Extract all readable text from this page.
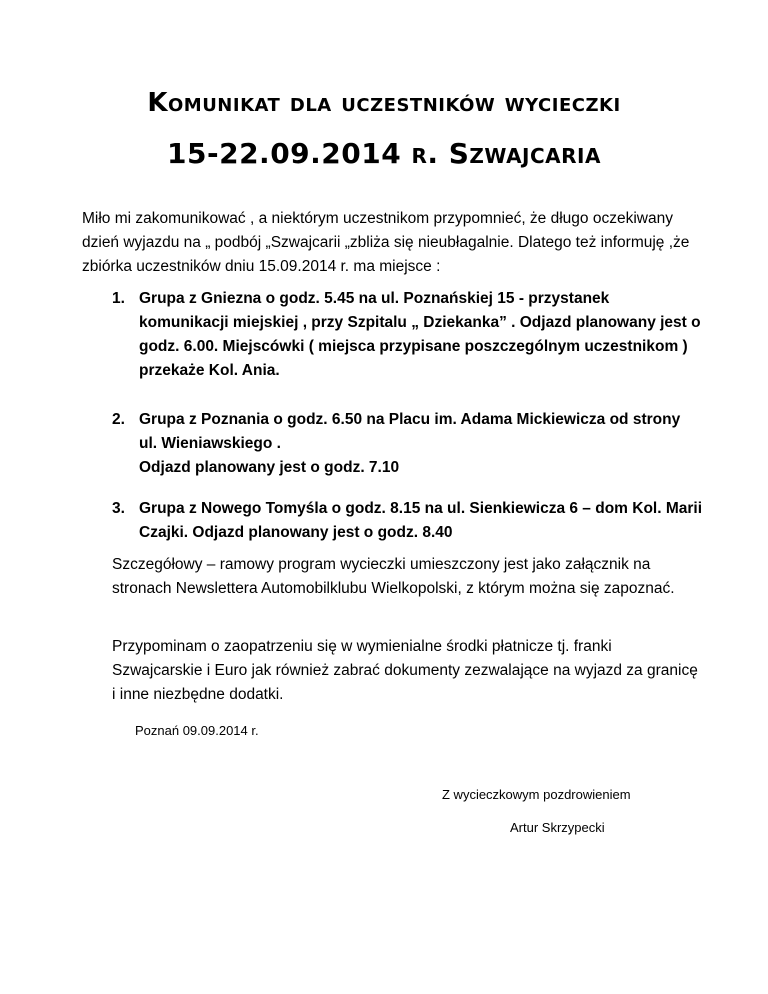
Komunikat dla uczestników wycieczki
15-22.09.2014 r. Szwajcaria

Miło mi zakomunikować , a niektórym uczestnikom przypomnieć, że długo oczekiwany dzień wyjazdu na „ podbój „Szwajcarii „zbliża się nieubłagalnie. Dlatego też informuję ,że zbiórka uczestników dniu 15.09.2014 r. ma miejsce :

1. Grupa z Gniezna o godz. 5.45 na ul. Poznańskiej 15 - przystanek komunikacji miejskiej , przy Szpitalu „ Dziekanka” . Odjazd planowany jest o godz. 6.00. Miejscówki ( miejsca przypisane poszczególnym uczestnikom ) przekaże Kol. Ania.
2. Grupa z Poznania o godz. 6.50 na Placu im. Adama Mickiewicza od strony ul. Wieniawskiego .
Odjazd planowany jest o godz. 7.10
3. Grupa z Nowego Tomyśla o godz. 8.15 na ul. Sienkiewicza 6 – dom Kol. Marii Czajki. Odjazd planowany jest o godz. 8.40

Szczegółowy – ramowy program wycieczki umieszczony jest jako załącznik na stronach Newslettera Automobilklubu Wielkopolski, z którym można się zapoznać.

Przypominam o zaopatrzeniu się w wymienialne środki płatnicze tj. franki Szwajcarskie i Euro jak również zabrać dokumenty zezwalające na wyjazd za granicę i inne niezbędne dodatki.

Poznań 09.09.2014 r.
Z wycieczkowym pozdrowieniem
Artur Skrzypecki
